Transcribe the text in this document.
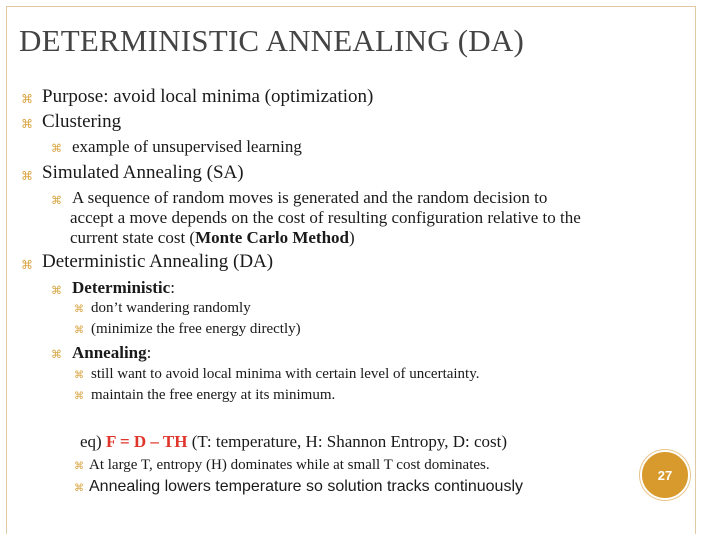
DETERMINISTIC ANNEALING (DA)
⌘ Purpose: avoid local minima (optimization)
⌘ Clustering
⌘ example of unsupervised learning
⌘ Simulated Annealing (SA)
⌘ A sequence of random moves is generated and the random decision to
accept a move depends on the cost of resulting configuration relative to the
current state cost (Monte Carlo Method)
⌘ Deterministic Annealing (DA)
⌘ Deterministic:
⌘ don’t wandering randomly
⌘ (minimize the free energy directly)
⌘ Annealing:
⌘ still want to avoid local minima with certain level of uncertainty.
⌘ maintain the free energy at its minimum.
eq) F = D – TH (T: temperature, H: Shannon Entropy, D: cost)
⌘ At large T, entropy (H) dominates while at small T cost dominates.
⌘ Annealing lowers temperature so solution tracks continuously
27
